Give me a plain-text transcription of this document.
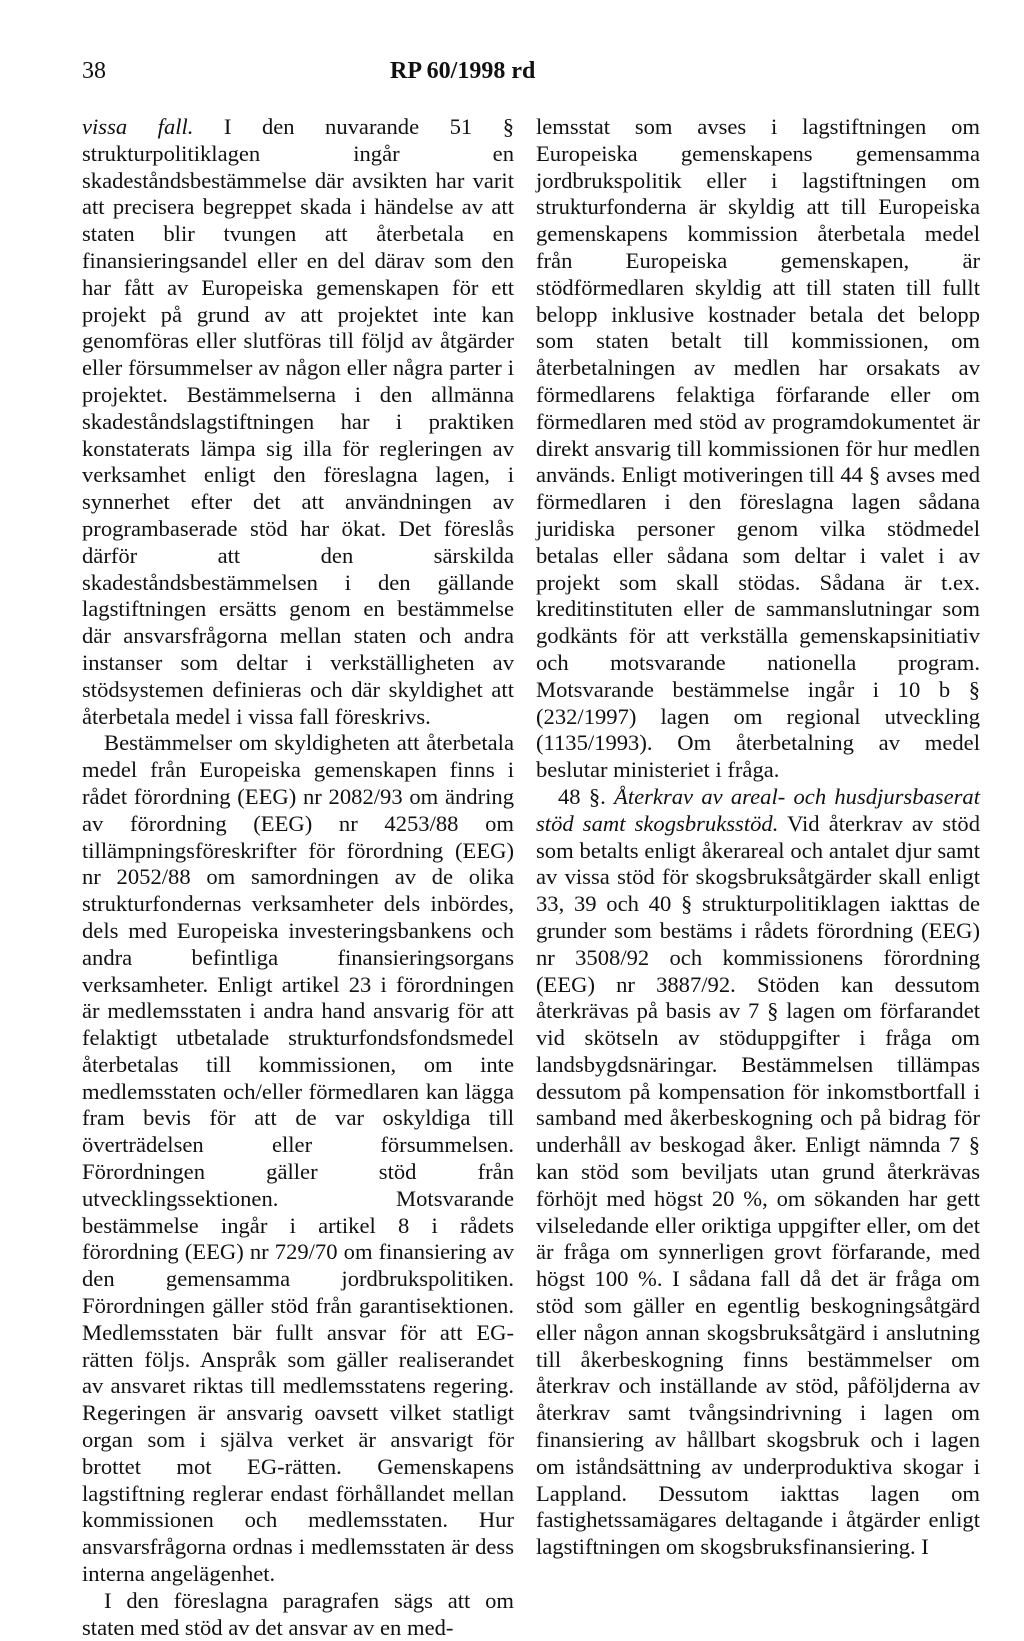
38	RP 60/1998 rd

vissa fall. I den nuvarande 51 § strukturpolitiklagen ingår en skadeståndsbestämmelse där avsikten har varit att precisera begreppet skada i händelse av att staten blir tvungen att återbetala en finansieringsandel eller en del därav som den har fått av Europeiska gemenskapen för ett projekt på grund av att projektet inte kan genomföras eller slutföras till följd av åtgärder eller försummelser av någon eller några parter i projektet. Bestämmelserna i den allmänna skadeståndslagstiftningen har i praktiken konstaterats lämpa sig illa för regleringen av verksamhet enligt den föreslagna lagen, i synnerhet efter det att användningen av programbaserade stöd har ökat. Det föreslås därför att den särskilda skadeståndsbestämmelsen i den gällande lagstiftningen ersätts genom en bestämmelse där ansvarsfrågorna mellan staten och andra instanser som deltar i verkställigheten av stödsystemen definieras och där skyldighet att återbetala medel i vissa fall föreskrivs.

Bestämmelser om skyldigheten att återbetala medel från Europeiska gemenskapen finns i rådet förordning (EEG) nr 2082/93 om ändring av förordning (EEG) nr 4253/88 om tillämpningsföreskrifter för förordning (EEG) nr 2052/88 om samordningen av de olika strukturfondernas verksamheter dels inbördes, dels med Europeiska investeringsbankens och andra befintliga finansieringsorgans verksamheter. Enligt artikel 23 i förordningen är medlemsstaten i andra hand ansvarig för att felaktigt utbetalade strukturfondsfondsmedel återbetalas till kommissionen, om inte medlemsstaten och/eller förmedlaren kan lägga fram bevis för att de var oskyldiga till överträdelsen eller försummelsen. Förordningen gäller stöd från utvecklingssektionen. Motsvarande bestämmelse ingår i artikel 8 i rådets förordning (EEG) nr 729/70 om finansiering av den gemensamma jordbrukspolitiken. Förordningen gäller stöd från garantisektionen. Medlemsstaten bär fullt ansvar för att EG-rätten följs. Anspråk som gäller realiserandet av ansvaret riktas till medlemsstatens regering. Regeringen är ansvarig oavsett vilket statligt organ som i själva verket är ansvarigt för brottet mot EG-rätten. Gemenskapens lagstiftning reglerar endast förhållandet mellan kommissionen och medlemsstaten. Hur ansvarsfrågorna ordnas i medlemsstaten är dess interna angelägenhet.

I den föreslagna paragrafen sägs att om staten med stöd av det ansvar av en med-

lemsstat som avses i lagstiftningen om Europeiska gemenskapens gemensamma jordbrukspolitik eller i lagstiftningen om strukturfonderna är skyldig att till Europeiska gemenskapens kommission återbetala medel från Europeiska gemenskapen, är stödförmedlaren skyldig att till staten till fullt belopp inklusive kostnader betala det belopp som staten betalt till kommissionen, om återbetalningen av medlen har orsakats av förmedlarens felaktiga förfarande eller om förmedlaren med stöd av programdokumentet är direkt ansvarig till kommissionen för hur medlen används. Enligt motiveringen till 44 § avses med förmedlaren i den föreslagna lagen sådana juridiska personer genom vilka stödmedel betalas eller sådana som deltar i valet i av projekt som skall stödas. Sådana är t.ex. kreditinstituten eller de sammanslutningar som godkänts för att verkställa gemenskapsinitiativ och motsvarande nationella program. Motsvarande bestämmelse ingår i 10 b § (232/1997) lagen om regional utveckling (1135/1993). Om återbetalning av medel beslutar ministeriet i fråga.

48 §. Återkrav av areal- och husdjursbaserat stöd samt skogsbruksstöd. Vid återkrav av stöd som betalts enligt åkerareal och antalet djur samt av vissa stöd för skogsbruksåtgärder skall enligt 33, 39 och 40 § strukturpolitiklagen iakttas de grunder som bestäms i rådets förordning (EEG) nr 3508/92 och kommissionens förordning (EEG) nr 3887/92. Stöden kan dessutom återkrävas på basis av 7 § lagen om förfarandet vid skötseln av stöduppgifter i fråga om landsbygdsnäringar. Bestämmelsen tillämpas dessutom på kompensation för inkomstbortfall i samband med åkerbeskogning och på bidrag för underhåll av beskogad åker. Enligt nämnda 7 § kan stöd som beviljats utan grund återkrävas förhöjt med högst 20 %, om sökanden har gett vilseledande eller oriktiga uppgifter eller, om det är fråga om synnerligen grovt förfarande, med högst 100 %. I sådana fall då det är fråga om stöd som gäller en egentlig beskogningsåtgärd eller någon annan skogsbruksåtgärd i anslutning till åkerbeskogning finns bestämmelser om återkrav och inställande av stöd, påföljderna av återkrav samt tvångsindrivning i lagen om finansiering av hållbart skogsbruk och i lagen om iståndsättning av underproduktiva skogar i Lappland. Dessutom iakttas lagen om fastighetssamägares deltagande i åtgärder enligt lagstiftningen om skogsbruksfinansiering. I
